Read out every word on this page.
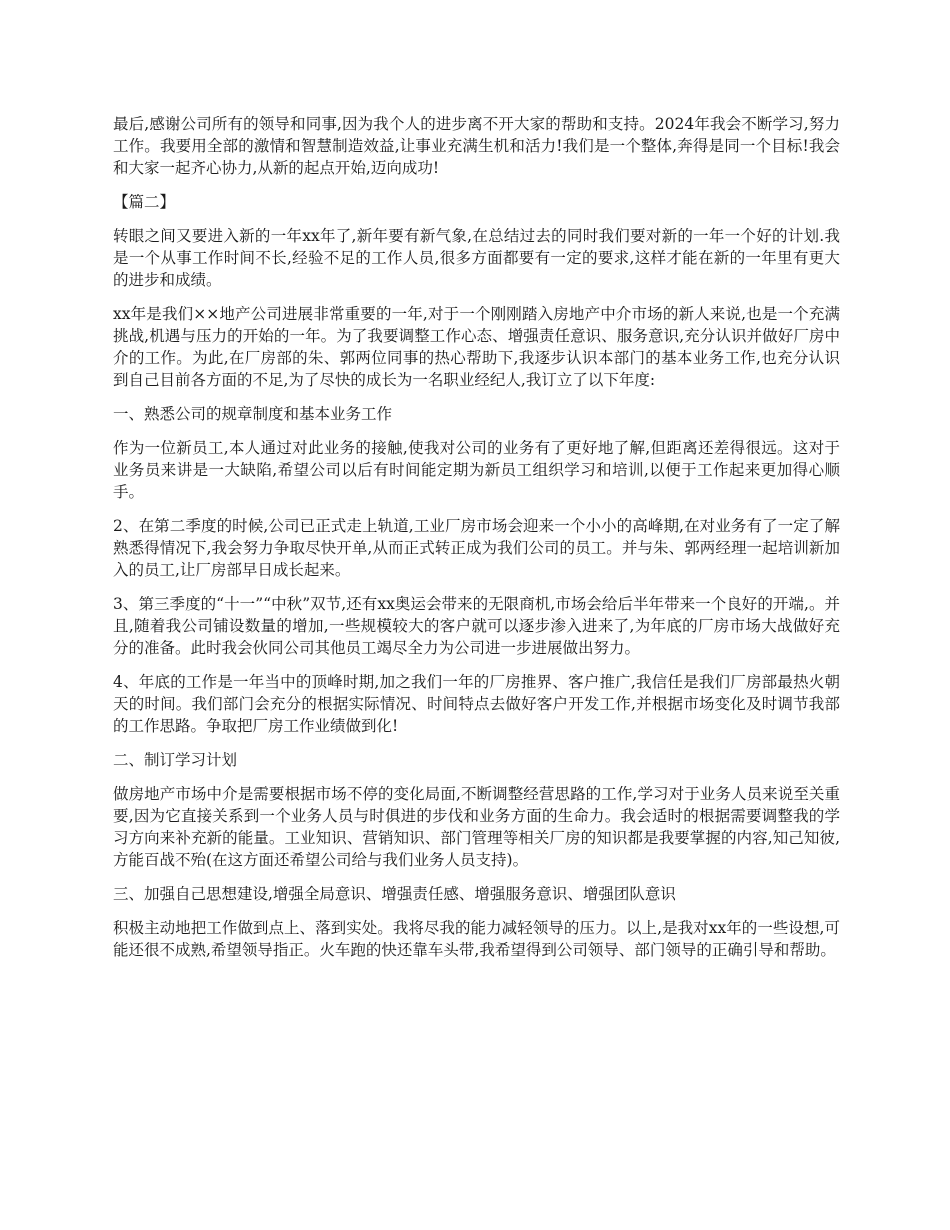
最后,感谢公司所有的领导和同事,因为我个人的进步离不开大家的帮助和支持。2024年我会不断学习,努力工作。我要用全部的激情和智慧制造效益,让事业充满生机和活力!我们是一个整体,奔得是同一个目标!我会和大家一起齐心协力,从新的起点开始,迈向成功!

【篇二】

转眼之间又要进入新的一年xx年了,新年要有新气象,在总结过去的同时我们要对新的一年一个好的计划.我是一个从事工作时间不长,经验不足的工作人员,很多方面都要有一定的要求,这样才能在新的一年里有更大的进步和成绩。

xx年是我们××地产公司进展非常重要的一年,对于一个刚刚踏入房地产中介市场的新人来说,也是一个充满挑战,机遇与压力的开始的一年。为了我要调整工作心态、增强责任意识、服务意识,充分认识并做好厂房中介的工作。为此,在厂房部的朱、郭两位同事的热心帮助下,我逐步认识本部门的基本业务工作,也充分认识到自己目前各方面的不足,为了尽快的成长为一名职业经纪人,我订立了以下年度:

一、熟悉公司的规章制度和基本业务工作

作为一位新员工,本人通过对此业务的接触,使我对公司的业务有了更好地了解,但距离还差得很远。这对于业务员来讲是一大缺陷,希望公司以后有时间能定期为新员工组织学习和培训,以便于工作起来更加得心顺手。

2、在第二季度的时候,公司已正式走上轨道,工业厂房市场会迎来一个小小的高峰期,在对业务有了一定了解熟悉得情况下,我会努力争取尽快开单,从而正式转正成为我们公司的员工。并与朱、郭两经理一起培训新加入的员工,让厂房部早日成长起来。

3、第三季度的“十一”“中秋”双节,还有xx奥运会带来的无限商机,市场会给后半年带来一个良好的开端,。并且,随着我公司铺设数量的增加,一些规模较大的客户就可以逐步渗入进来了,为年底的厂房市场大战做好充分的准备。此时我会伙同公司其他员工竭尽全力为公司进一步进展做出努力。

4、年底的工作是一年当中的顶峰时期,加之我们一年的厂房推界、客户推广,我信任是我们厂房部最热火朝天的时间。我们部门会充分的根据实际情况、时间特点去做好客户开发工作,并根据市场变化及时调节我部的工作思路。争取把厂房工作业绩做到化!

二、制订学习计划

做房地产市场中介是需要根据市场不停的变化局面,不断调整经营思路的工作,学习对于业务人员来说至关重要,因为它直接关系到一个业务人员与时俱进的步伐和业务方面的生命力。我会适时的根据需要调整我的学习方向来补充新的能量。工业知识、营销知识、部门管理等相关厂房的知识都是我要掌握的内容,知己知彼,方能百战不殆(在这方面还希望公司给与我们业务人员支持)。

三、加强自己思想建设,增强全局意识、增强责任感、增强服务意识、增强团队意识

积极主动地把工作做到点上、落到实处。我将尽我的能力减轻领导的压力。以上,是我对xx年的一些设想,可能还很不成熟,希望领导指正。火车跑的快还靠车头带,我希望得到公司领导、部门领导的正确引导和帮助。
